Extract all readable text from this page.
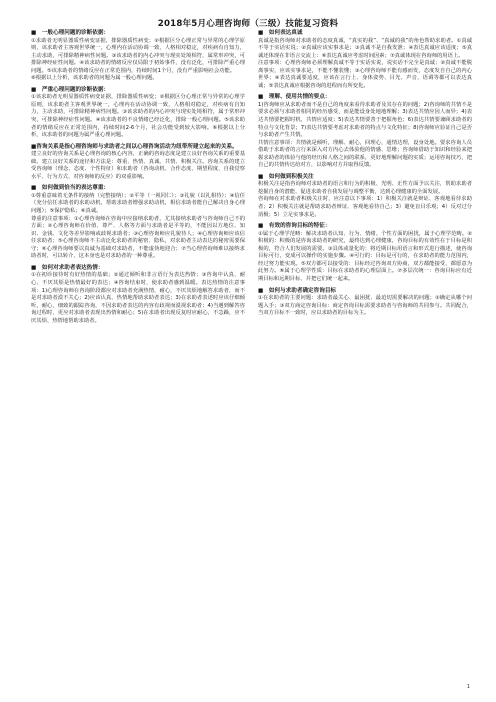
2018年5月心理咨询师（三级）技能复习资料
■　一般心理问题的诊断依据：

①求助者无明显器质性病变证据，排除器质性病变；②根据区分心理正常与异常的心理学原则，该求助者主客观世界统一，心理内在活动协调一致，人格相对稳定，对疾病有自知力，主动求助，可排除精神病性问题。③该求助者的内心冲突与现实处境相符，属常形冲突，可排除神经症性问题。④该求助者的情绪反应仅局限于初始事件，没有泛化，可排除严重心理问题。⑤该求助者的情绪反应在正常范围内，持续时间1个月，没有严重影响社会功能。

⑥根据以上分析，该求助者的问题为属一般心理问题。

■　严重心理问题的诊断依据：

①该求助者无明显器质性病变证据，排除器质性病变；②根据区分心理正常与异常的心理学原则，该求助者主客观世界统一，心理内在活动协调一致，人格相对稳定，对疾病有自知力，主动求助，可排除精神病性问题。③该求助者的内心冲突与现实处境相符，属于常形冲突，可排除神经症性问题。④该求助者的不良情绪已经泛化，排除一般心理问题。⑤该求助者的情绪反应在正常范围内，持续时间2-6个月，社会功能受到较大影响。⑥根据以上分析，该求助者的问题为属严重心理问题。

■咨询关系是指心理咨询师与求助者之间以心理咨询活动为纽带所建立起来的关系。

建立良好的咨询关系是心理咨询的核心内容，正确的咨询态度是建立良好咨询关系的重要基础。建立良好关系的途径和方法是：尊重、热情、真诚、共情、积极关注。咨询关系的建立受咨询师（理念、态度、个性特征）和求助者（咨询动机、合作态度、期望程度、自我觉察水平、行为方式、对咨询师的反应）的双重影响。

■　如何做到恰当的表达尊重：

①尊重意味着无条件的接纳（完整接纳）；②平等（一视同仁）；③礼貌（以礼相待）；④信任（充分信任求助者的求助动机，帮助求助者增强求助动机，相信求助者能自己解决自身心理问题）；⑤保护隐私；⑥真诚。

尊重的注意事项：①心理咨询师在咨询中应接纳求助者，尤其接纳求助者与咨询师自己不的方面；②心理咨询师在价值、尊严、人格等方面与求助者是平等的，不能因以方地位、知识、金钱、文化等差异影响或歧视求助者；③心理咨询师应礼貌待人；④心理咨询师应该信任求助者；⑤心理咨询师不主动泛化求助者的秘密、隐私，对求助者主动表达的秘密需要保守；⑥心理咨询师要以真诚为基础对求助者，不能虚伪地迎合；⑦当心理咨询师难以接纳求助者时，可以转介，这本身也是对求助者的一种尊重。

■　如何对求助者表达热情：

①在初诊接待时有好热情的基础；②通过倾听和非言语行为表达热情；③咨询中认真、耐心、不厌其烦是热情最好的表达；④咨询结束时，使求助者感到温暖。表达热情的注意事项：1)心理咨询师在咨询阶段都应对求助者充满热情，耐心，不厌其烦地解答求助者，而不是对求助者漠不关心；2)应该认真、热情地帮助求助者表达；3)在求助者表述时应该仔细倾听，耐心，细致的跟踪咨询，不因求助者表达的内容有歧视而漠视求助者；4)当遇到解答咨询过程时，更应对求助者表现出热情和耐心；5)在求助者出现反复时应耐心，不急躁，应不厌其烦、热情地帮助求助者。

■　如何表达真诚

真诚是指咨询师对求助者的态度真诚，“真实的我”、“真诚的我”的角色帮助求助者。①真诚不等于实话实说；②真诚应该实事求是；③真诚不是自我发泄；④表达真诚应该适度；⑤真诚还体现在非语言交流上：⑥表达真诚应考虑时间因素；⑦真诚体现在咨询师的用语上。

注意事项：心理咨询师必须理解真诚不等于实话实说，说实话不完全是真诚；②真诚不能脱离事实，应该实事求是，不能不懂装懂；③心理咨询师不能有感而发，态度发自自己的内心世界；④表达真诚要适度，应该在言行上、身体姿势、目光、声音、语调等都可以表达真诚；⑤表达真诚应根据咨询的进程而有所变化。

■　理解、使用共情的要点：

1)咨询师应从求助者而不是自己的角度来看待求助者及其存在的问题；2)咨询师的共情不是要求必须与求助者相同的经历感受，而是能设身处地地理解；3)表达共情应因人而异；4)表达共情要把握时机，共情应适度；5)表达共情要善于把握角色；6)表达共情要兼顾求助者的特点与文化背景；7)表达共情要考虑对求助者的特点与文化特征；8)咨询师应验证自己是否与求助者产生共情。

共情注意事项：共情就是倾听，理解、耐心，回理心，通情达理，设身处地。要求咨询人员借助于求助者的言行来深入对方内心去体验他的情感、思维；咨询师借助于知识和经验来把握求助者的体验与他的经历和人格之间的联系，更好地理解问题的实质；运用咨询技巧，把自己的共情传达给对方，以影响对方并取得反馈。

■　如何做到积极关注

积极关注是指咨询师对求助者的语言和行为的积极、光明、正性方面予以关注，帮助求助者挖掘自身的潜能，促进求助者自我发展与调整平衡，达到心理健康的全面发展。

咨询师在对求助者积极关注时，应注意以下事项：1）积极关注就是辩证、客观地看待求助者；2）积极关注就是帮助求助者辩证、客观地看待自己；3）避免盲目乐观；4）反对过分消极；5）立足实事求是。

■　有效的咨询目标的特征：

①属于心理学范畴：解决求助者认知、行为、情绪、个性方面的困扰，属于心理学范畴。②积极的：积极的是咨询求助者的研究，最终达到心理健康，咨询目标的有效性在于目标是积极的，符合人们发展的需要。③具体或量化的：将近期目标用语言和形式进行描述，使咨询目标可行，变成可以操作的实施步骤。④可行的：目标是可行的，在求助者的能力范围内，经过努力能实现。⑤双方都可以接受的：目标经过咨询双方协商，双方都能接受，都愿意为此努力。⑥属于心理学性质：目标在求助者的心理层面上。⑦多层次统一：咨询目标应有近期目标和远期目标，并把它们统一起来。

■　如何与求助者确定咨询目标

①在求助者的主要问题：求助者最关心、最困扰、最迫切需要解决的问题；②确定从哪个问题入手；③双方商定咨询目标：商定咨询目标需要求助者与咨询师的共同参与。共同配合，当双方目标不一致时，应以求助者的目标为主。

1
